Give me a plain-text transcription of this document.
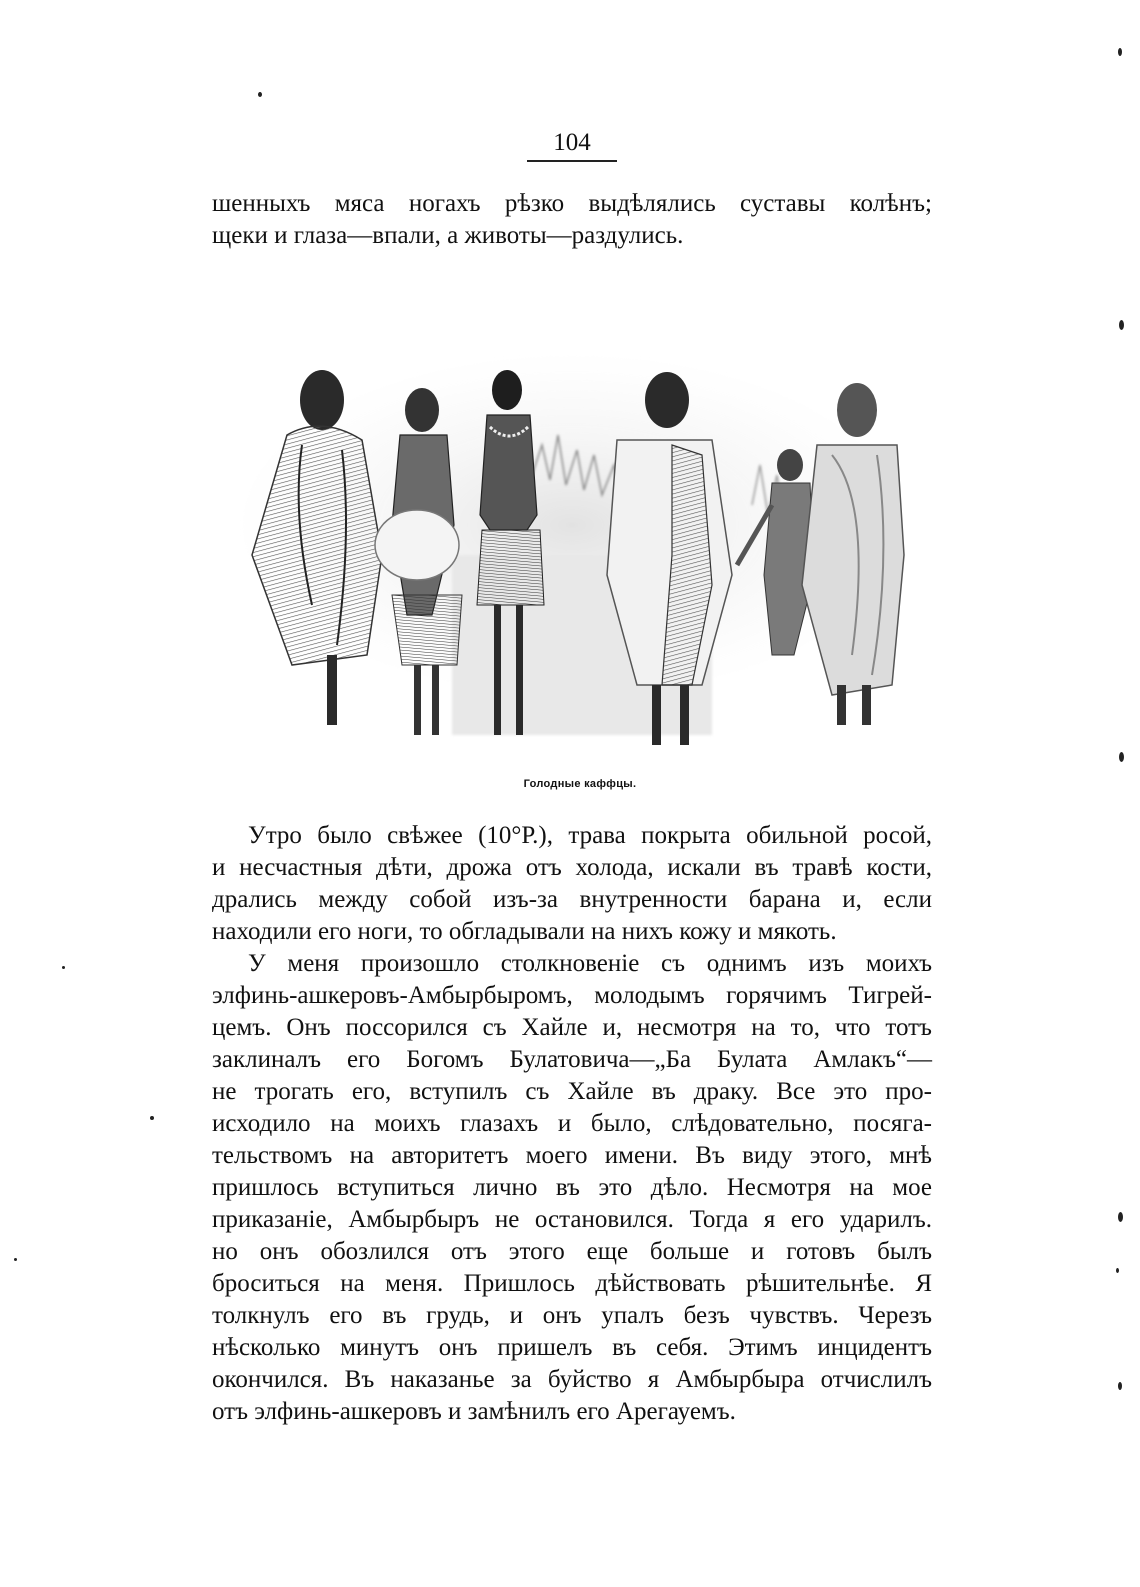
104
шенныхъ мяса ногахъ рѣзко выдѣлялись суставы колѣнъ;
щеки и глаза—впали, а животы—раздулись.
Голодные каффцы.
Утро было свѣжее (10°Р.), трава покрыта обильной росой,
и несчастныя дѣти, дрожа отъ холода, искали въ травѣ кости,
дрались между собой изъ-за внутренности барана и, если
находили его ноги, то обгладывали на нихъ кожу и мякоть.
У меня произошло столкновеніе съ однимъ изъ моихъ
элфинь-ашкеровъ-Амбырбыромъ, молодымъ горячимъ Тигрей-
цемъ. Онъ поссорился съ Хайле и, несмотря на то, что тотъ
заклиналъ его Богомъ Булатовича—„Ба Булата Амлакъ“—
не трогать его, вступилъ съ Хайле въ драку. Все это про-
исходило на моихъ глазахъ и было, слѣдовательно, посяга-
тельствомъ на авторитетъ моего имени. Въ виду этого, мнѣ
пришлось вступиться лично въ это дѣло. Несмотря на мое
приказаніе, Амбырбыръ не остановился. Тогда я его ударилъ.
но онъ обозлился отъ этого еще больше и готовъ былъ
броситься на меня. Пришлось дѣйствовать рѣшительнѣе. Я
толкнулъ его въ грудь, и онъ упалъ безъ чувствъ. Черезъ
нѣсколько минутъ онъ пришелъ въ себя. Этимъ инцидентъ
окончился. Въ наказанье за буйство я Амбырбыра отчислилъ
отъ элфинь-ашкеровъ и замѣнилъ его Арегауемъ.
